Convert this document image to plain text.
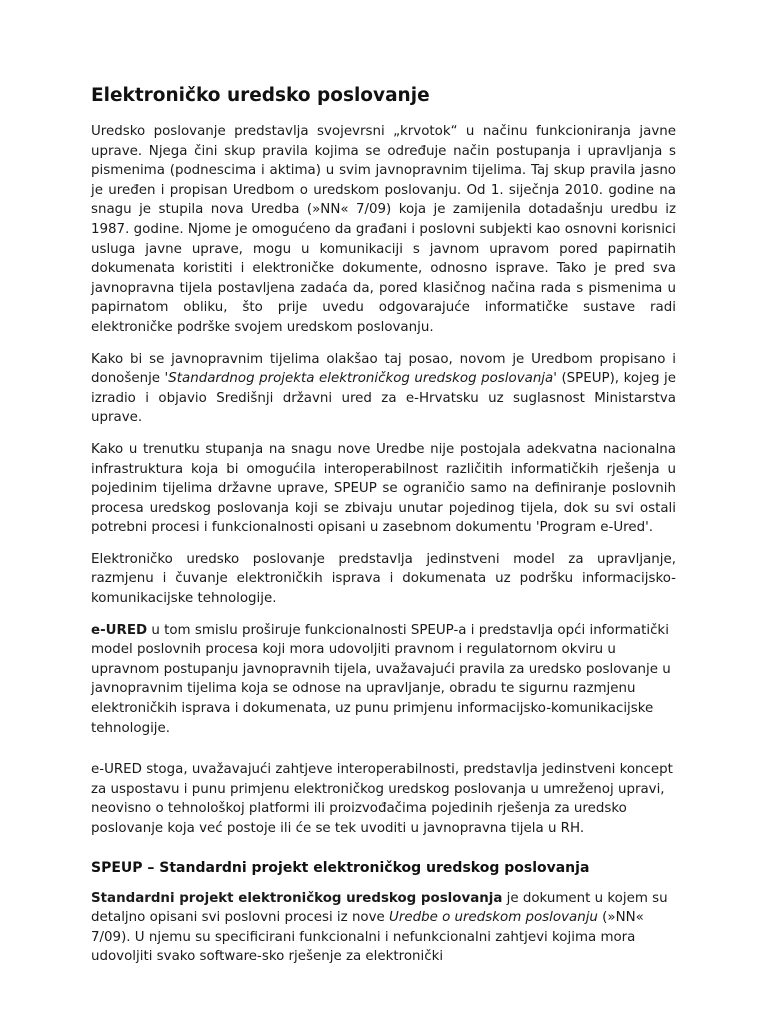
Elektroničko uredsko poslovanje

Uredsko poslovanje predstavlja svojevrsni „krvotok“ u načinu funkcioniranja javne uprave. Njega čini skup pravila kojima se određuje način postupanja i upravljanja s pismenima (podnescima i aktima) u svim javnopravnim tijelima. Taj skup pravila jasno je uređen i propisan Uredbom o uredskom poslovanju. Od 1. siječnja 2010. godine na snagu je stupila nova Uredba (»NN« 7/09) koja je zamijenila dotadašnju uredbu iz 1987. godine. Njome je omogućeno da građani i poslovni subjekti kao osnovni korisnici usluga javne uprave, mogu u komunikaciji s javnom upravom pored papirnatih dokumenata koristiti i elektroničke dokumente, odnosno isprave. Tako je pred sva javnopravna tijela postavljena zadaća da, pored klasičnog načina rada s pismenima u papirnatom obliku, što prije uvedu odgovarajuće informatičke sustave radi elektroničke podrške svojem uredskom poslovanju.

Kako bi se javnopravnim tijelima olakšao taj posao, novom je Uredbom propisano i donošenje 'Standardnog projekta elektroničkog uredskog poslovanja' (SPEUP), kojeg je izradio i objavio Središnji državni ured za e-Hrvatsku uz suglasnost Ministarstva uprave.

Kako u trenutku stupanja na snagu nove Uredbe nije postojala adekvatna nacionalna infrastruktura koja bi omogućila interoperabilnost različitih informatičkih rješenja u pojedinim tijelima državne uprave, SPEUP se ograničio samo na definiranje poslovnih procesa uredskog poslovanja koji se zbivaju unutar pojedinog tijela, dok su svi ostali potrebni procesi i funkcionalnosti opisani u zasebnom dokumentu 'Program e-Ured'.

Elektroničko uredsko poslovanje predstavlja jedinstveni model za upravljanje, razmjenu i čuvanje elektroničkih isprava i dokumenata uz podršku informacijsko-komunikacijske tehnologije.

e-URED u tom smislu proširuje funkcionalnosti SPEUP-a i predstavlja opći informatički model poslovnih procesa koji mora udovoljiti pravnom i regulatornom okviru u upravnom postupanju javnopravnih tijela, uvažavajući pravila za uredsko poslovanje u javnopravnim tijelima koja se odnose na upravljanje, obradu te sigurnu razmjenu elektroničkih isprava i dokumenata, uz punu primjenu informacijsko-komunikacijske tehnologije.

e-URED stoga, uvažavajući zahtjeve interoperabilnosti, predstavlja jedinstveni koncept za uspostavu i punu primjenu elektroničkog uredskog poslovanja u umreženoj upravi, neovisno o tehnološkoj platformi ili proizvođačima pojedinih rješenja za uredsko poslovanje koja već postoje ili će se tek uvoditi u javnopravna tijela u RH.

SPEUP – Standardni projekt elektroničkog uredskog poslovanja

Standardni projekt elektroničkog uredskog poslovanja je dokument u kojem su detaljno opisani svi poslovni procesi iz nove Uredbe o uredskom poslovanju (»NN« 7/09). U njemu su specificirani funkcionalni i nefunkcionalni zahtjevi kojima mora udovoljiti svako software-sko rješenje za elektronički
